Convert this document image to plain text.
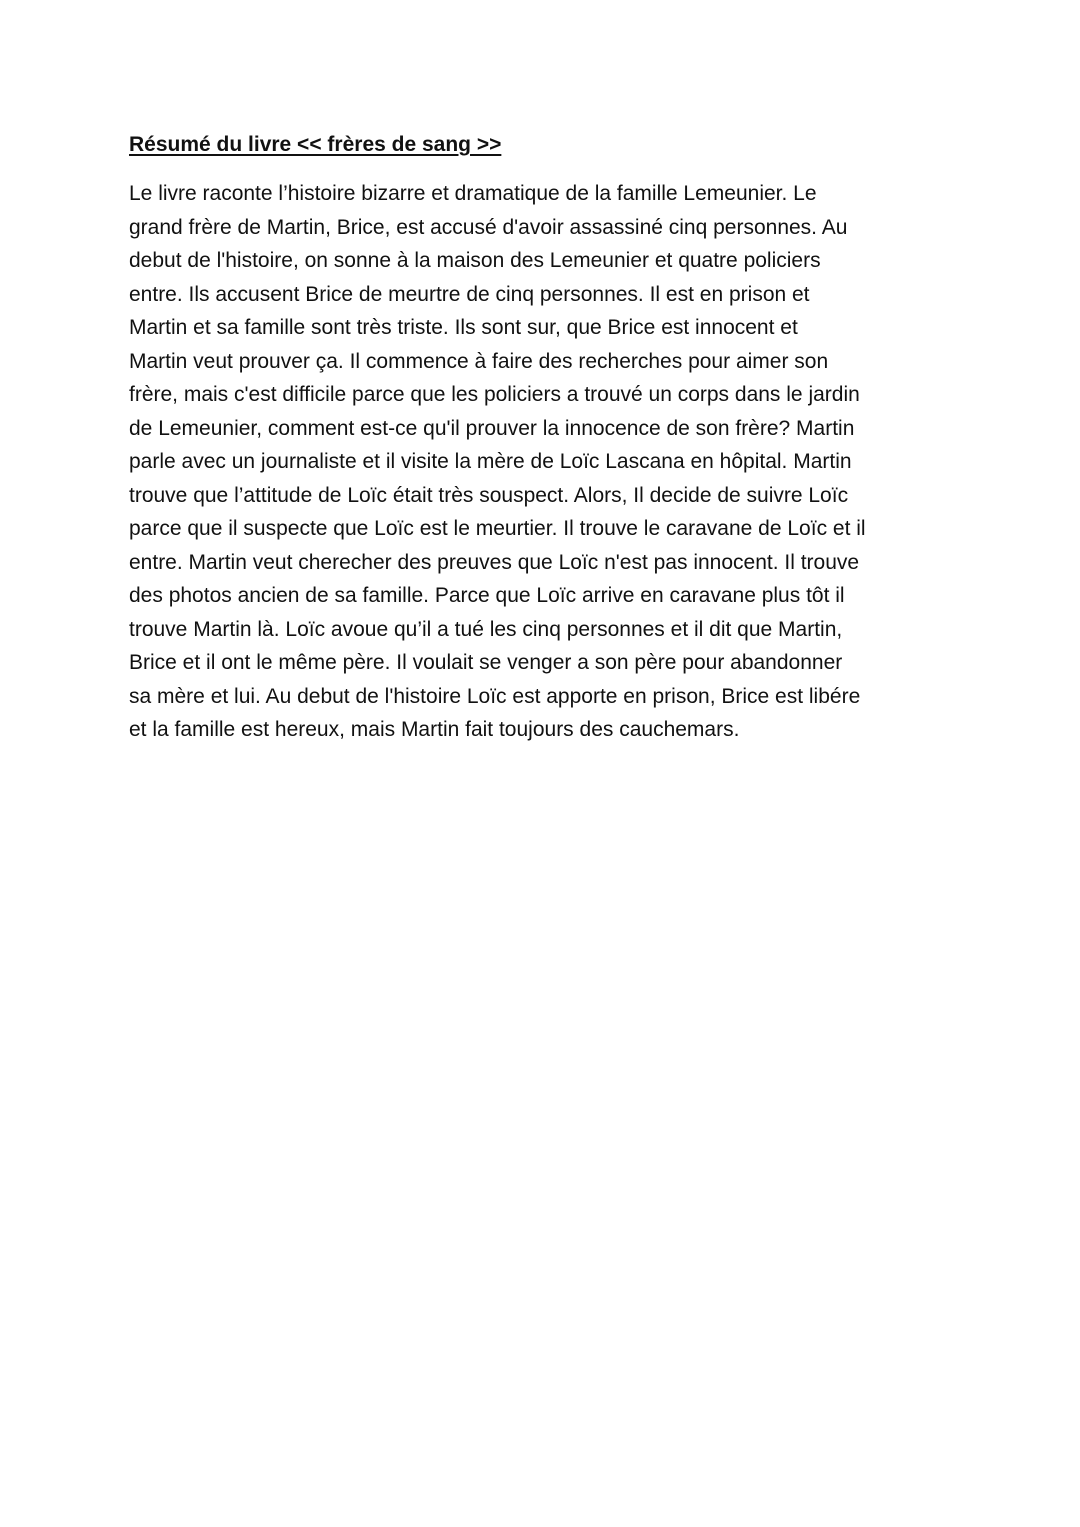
Résumé du livre << frères de sang >>

Le livre raconte l’histoire bizarre et dramatique de la famille Lemeunier. Le
grand frère de Martin, Brice, est accusé d'avoir assassiné cinq personnes. Au
debut de l'histoire, on sonne à la maison des Lemeunier et quatre policiers
entre. Ils accusent Brice de meurtre de cinq personnes. Il est en prison et
Martin et sa famille sont très triste. Ils sont sur, que Brice est innocent et
Martin veut prouver ça. Il commence à faire des recherches pour aimer son
frère, mais c'est difficile parce que les policiers a trouvé un corps dans le jardin
de Lemeunier, comment est-ce qu'il prouver la innocence de son frère? Martin
parle avec un journaliste et il visite la mère de Loïc Lascana en hôpital. Martin
trouve que l’attitude de Loïc était très souspect. Alors, Il decide de suivre Loïc
parce que il suspecte que Loïc est le meurtier. Il trouve le caravane de Loïc et il
entre. Martin veut cherecher des preuves que Loïc n'est pas innocent. Il trouve
des photos ancien de sa famille. Parce que Loïc arrive en caravane plus tôt il
trouve Martin là. Loïc avoue qu’il a tué les cinq personnes et il dit que Martin,
Brice et il ont le même père. Il voulait se venger a son père pour abandonner
sa mère et lui. Au debut de l'histoire Loïc est apporte en prison, Brice est libére
et la famille est hereux, mais Martin fait toujours des cauchemars.
